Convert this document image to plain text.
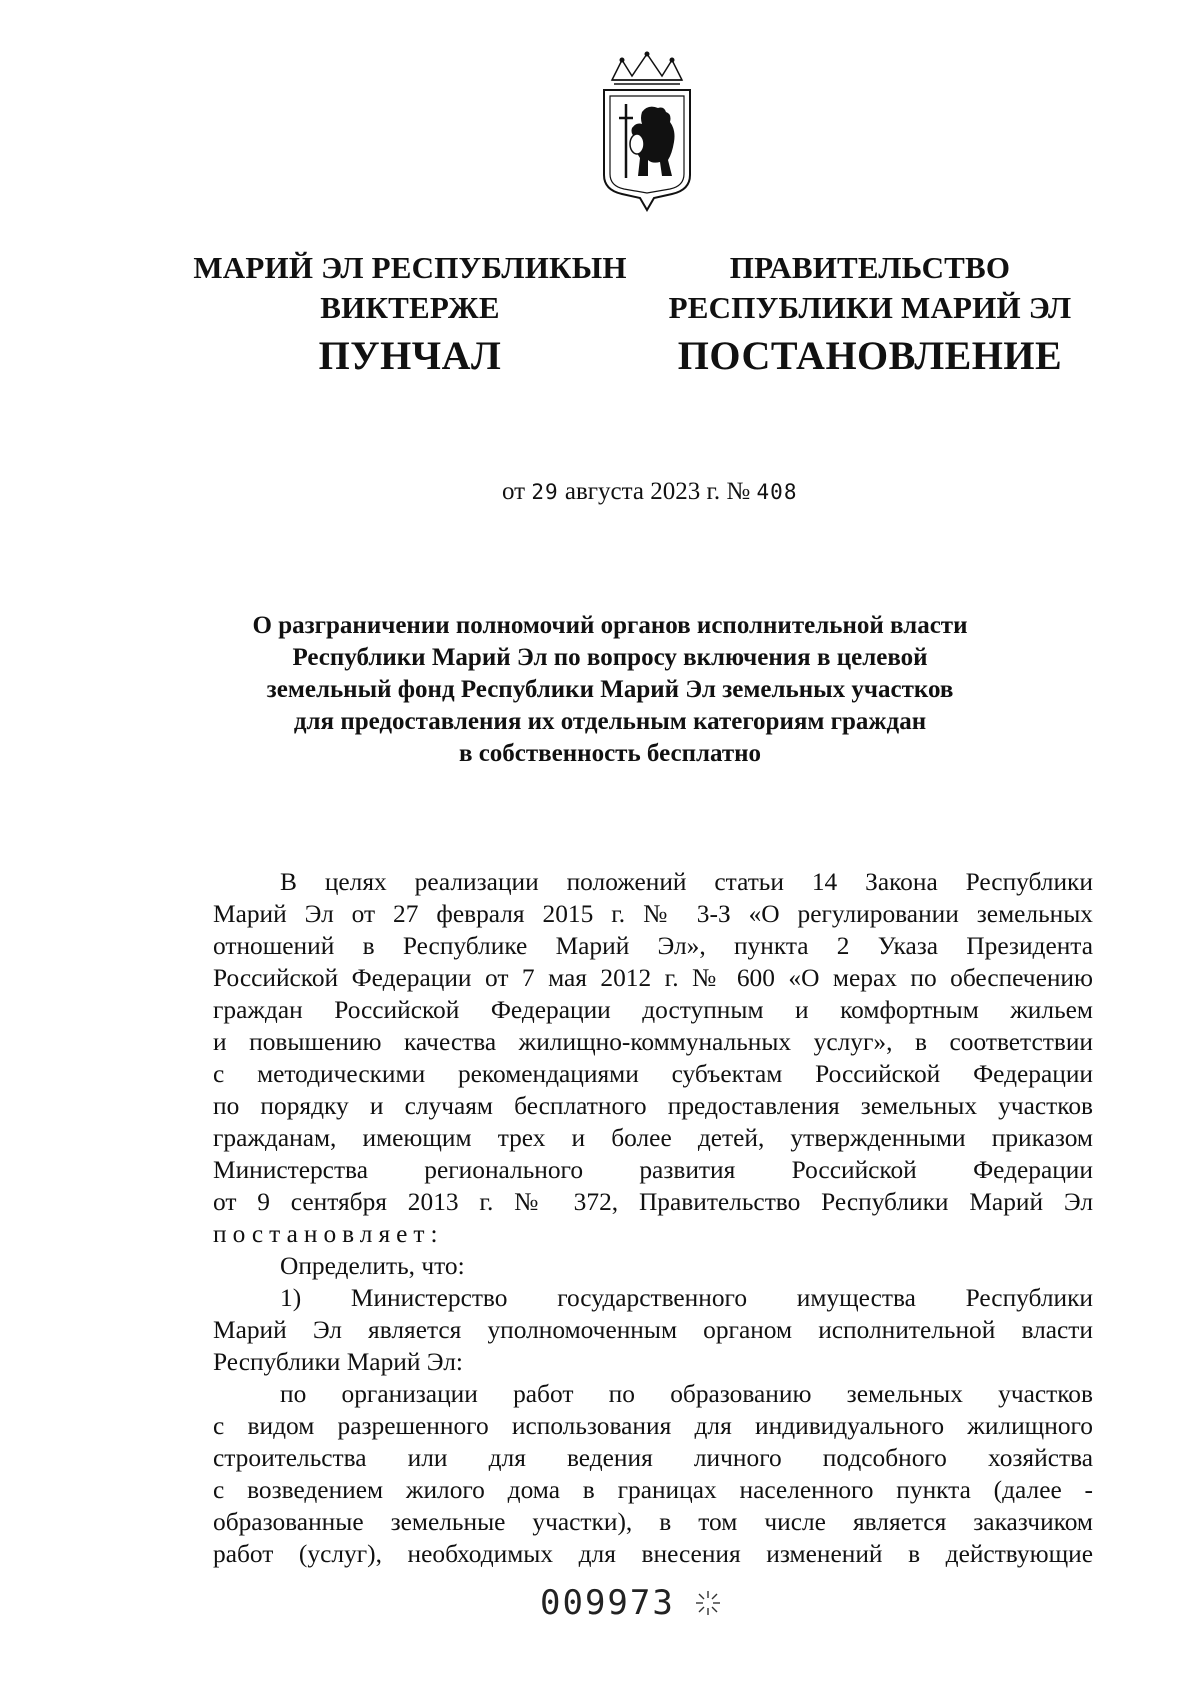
МАРИЙ ЭЛ РЕСПУБЛИКЫН
ВИКТЕРЖЕ
ПУНЧАЛ
ПРАВИТЕЛЬСТВО
РЕСПУБЛИКИ МАРИЙ ЭЛ
ПОСТАНОВЛЕНИЕ
от 29 августа 2023 г. № 408
О разграничении полномочий органов исполнительной власти
Республики Марий Эл по вопросу включения в целевой
земельный фонд Республики Марий Эл земельных участков
для предоставления их отдельным категориям граждан
в собственность бесплатно
В целях реализации положений статьи 14 Закона Республики
Марий Эл от 27 февраля 2015 г. № 3-З «О регулировании земельных
отношений в Республике Марий Эл», пункта 2 Указа Президента
Российской Федерации от 7 мая 2012 г. № 600 «О мерах по обеспечению
граждан Российской Федерации доступным и комфортным жильем
и повышению качества жилищно-коммунальных услуг», в соответствии
с методическими рекомендациями субъектам Российской Федерации
по порядку и случаям бесплатного предоставления земельных участков
гражданам, имеющим трех и более детей, утвержденными приказом
Министерства регионального развития Российской Федерации
от 9 сентября 2013 г. № 372, Правительство Республики Марий Эл
постановляет:
Определить, что:
1) Министерство государственного имущества Республики
Марий Эл является уполномоченным органом исполнительной власти
Республики Марий Эл:
по организации работ по образованию земельных участков
с видом разрешенного использования для индивидуального жилищного
строительства или для ведения личного подсобного хозяйства
с возведением жилого дома в границах населенного пункта (далее -
образованные земельные участки), в том числе является заказчиком
работ (услуг), необходимых для внесения изменений в действующие
009973
